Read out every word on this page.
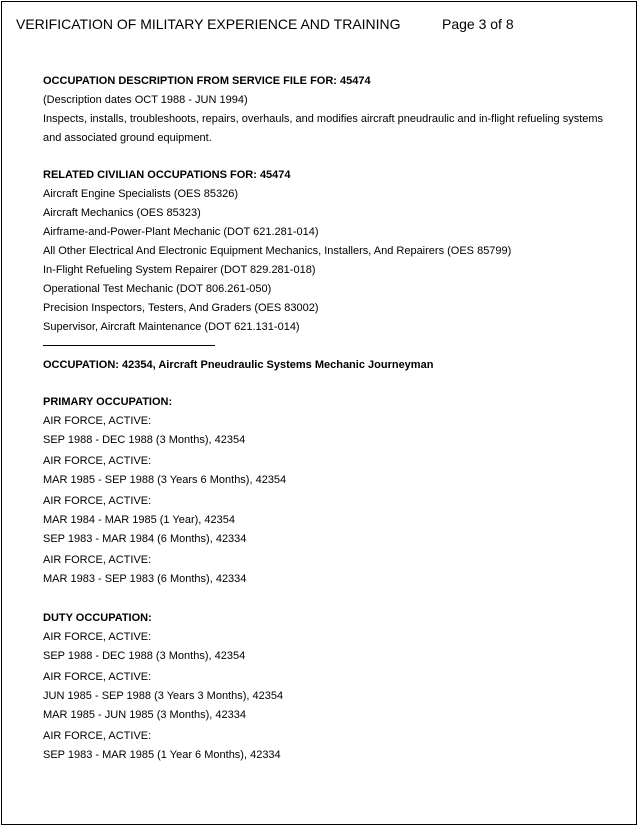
VERIFICATION OF MILITARY EXPERIENCE AND TRAINING	Page 3 of 8
OCCUPATION DESCRIPTION FROM SERVICE FILE FOR: 45474
(Description dates OCT 1988 - JUN 1994)
Inspects, installs, troubleshoots, repairs, overhauls, and modifies aircraft pneudraulic and in-flight refueling systems and associated ground equipment.
RELATED CIVILIAN OCCUPATIONS FOR: 45474
Aircraft Engine Specialists (OES 85326)
Aircraft Mechanics (OES 85323)
Airframe-and-Power-Plant Mechanic (DOT 621.281-014)
All Other Electrical And Electronic Equipment Mechanics, Installers, And Repairers (OES 85799)
In-Flight Refueling System Repairer (DOT 829.281-018)
Operational Test Mechanic (DOT 806.261-050)
Precision Inspectors, Testers, And Graders (OES 83002)
Supervisor, Aircraft Maintenance (DOT 621.131-014)
OCCUPATION: 42354, Aircraft Pneudraulic Systems Mechanic Journeyman
PRIMARY OCCUPATION:
AIR FORCE, ACTIVE:
SEP 1988 - DEC 1988 (3 Months), 42354
AIR FORCE, ACTIVE:
MAR 1985 - SEP 1988 (3 Years 6 Months), 42354
AIR FORCE, ACTIVE:
MAR 1984 - MAR 1985 (1 Year), 42354
SEP 1983 - MAR 1984 (6 Months), 42334
AIR FORCE, ACTIVE:
MAR 1983 - SEP 1983 (6 Months), 42334
DUTY OCCUPATION:
AIR FORCE, ACTIVE:
SEP 1988 - DEC 1988 (3 Months), 42354
AIR FORCE, ACTIVE:
JUN 1985 - SEP 1988 (3 Years 3 Months), 42354
MAR 1985 - JUN 1985 (3 Months), 42334
AIR FORCE, ACTIVE:
SEP 1983 - MAR 1985 (1 Year 6 Months), 42334
